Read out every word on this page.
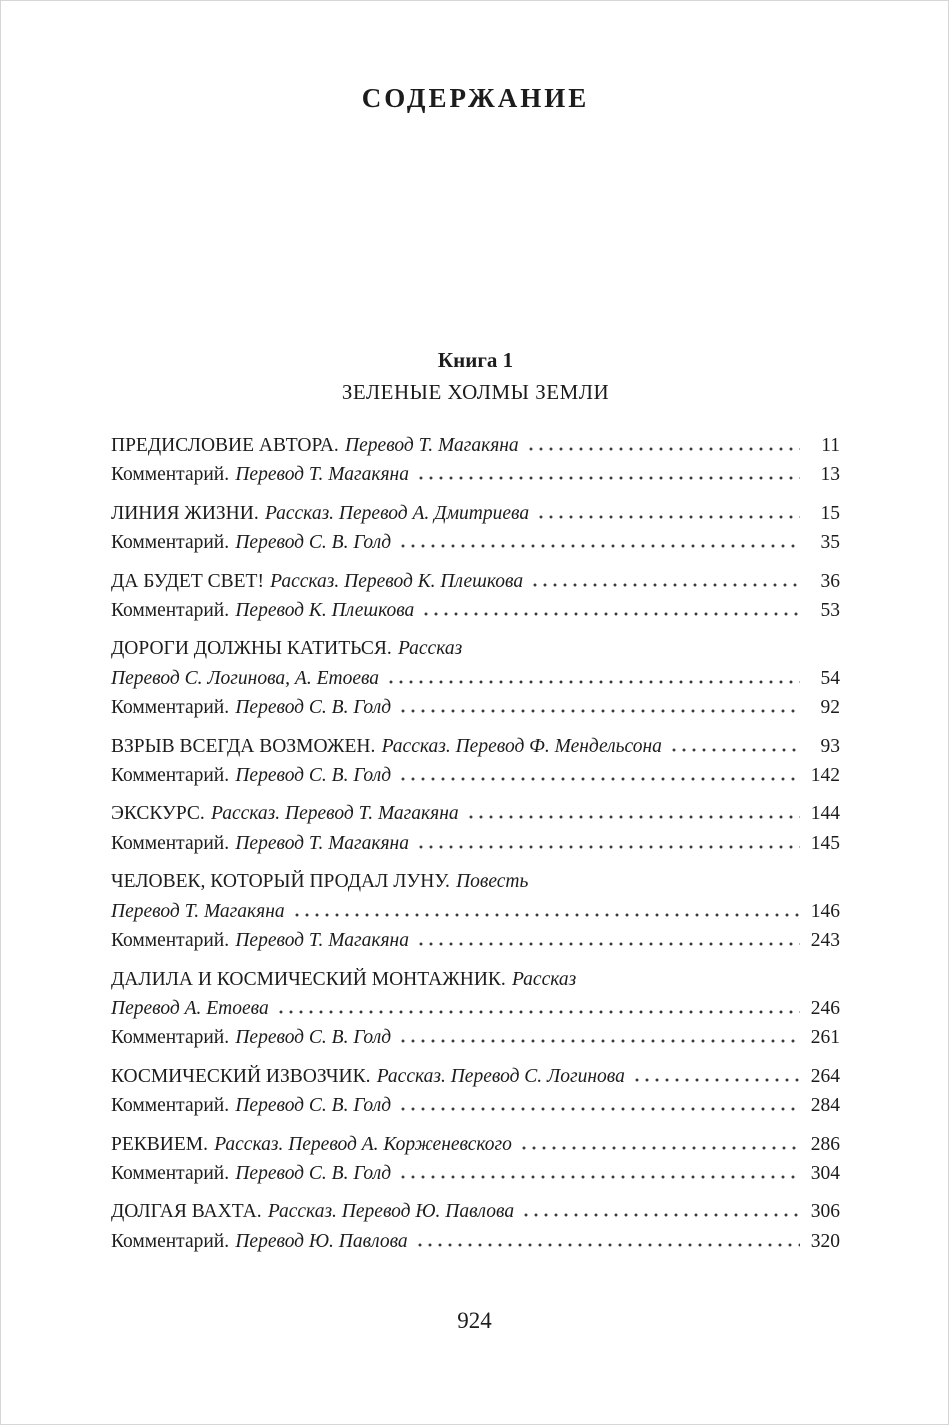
СОДЕРЖАНИЕ
Книга 1
ЗЕЛЕНЫЕ ХОЛМЫ ЗЕМЛИ
ПРЕДИСЛОВИЕ АВТОРА. Перевод Т. Магакяна	11
Комментарий. Перевод Т. Магакяна	13
ЛИНИЯ ЖИЗНИ. Рассказ. Перевод А. Дмитриева	15
Комментарий. Перевод С. В. Голд	35
ДА БУДЕТ СВЕТ! Рассказ. Перевод К. Плешкова	36
Комментарий. Перевод К. Плешкова	53
ДОРОГИ ДОЛЖНЫ КАТИТЬСЯ. Рассказ
Перевод С. Логинова, А. Етоева	54
Комментарий. Перевод С. В. Голд	92
ВЗРЫВ ВСЕГДА ВОЗМОЖЕН. Рассказ. Перевод Ф. Мендельсона	93
Комментарий. Перевод С. В. Голд	142
ЭКСКУРС. Рассказ. Перевод Т. Магакяна	144
Комментарий. Перевод Т. Магакяна	145
ЧЕЛОВЕК, КОТОРЫЙ ПРОДАЛ ЛУНУ. Повесть
Перевод Т. Магакяна	146
Комментарий. Перевод Т. Магакяна	243
ДАЛИЛА И КОСМИЧЕСКИЙ МОНТАЖНИК. Рассказ
Перевод А. Етоева	246
Комментарий. Перевод С. В. Голд	261
КОСМИЧЕСКИЙ ИЗВОЗЧИК. Рассказ. Перевод С. Логинова	264
Комментарий. Перевод С. В. Голд	284
РЕКВИЕМ. Рассказ. Перевод А. Корженевского	286
Комментарий. Перевод С. В. Голд	304
ДОЛГАЯ ВАХТА. Рассказ. Перевод Ю. Павлова	306
Комментарий. Перевод Ю. Павлова	320
924
